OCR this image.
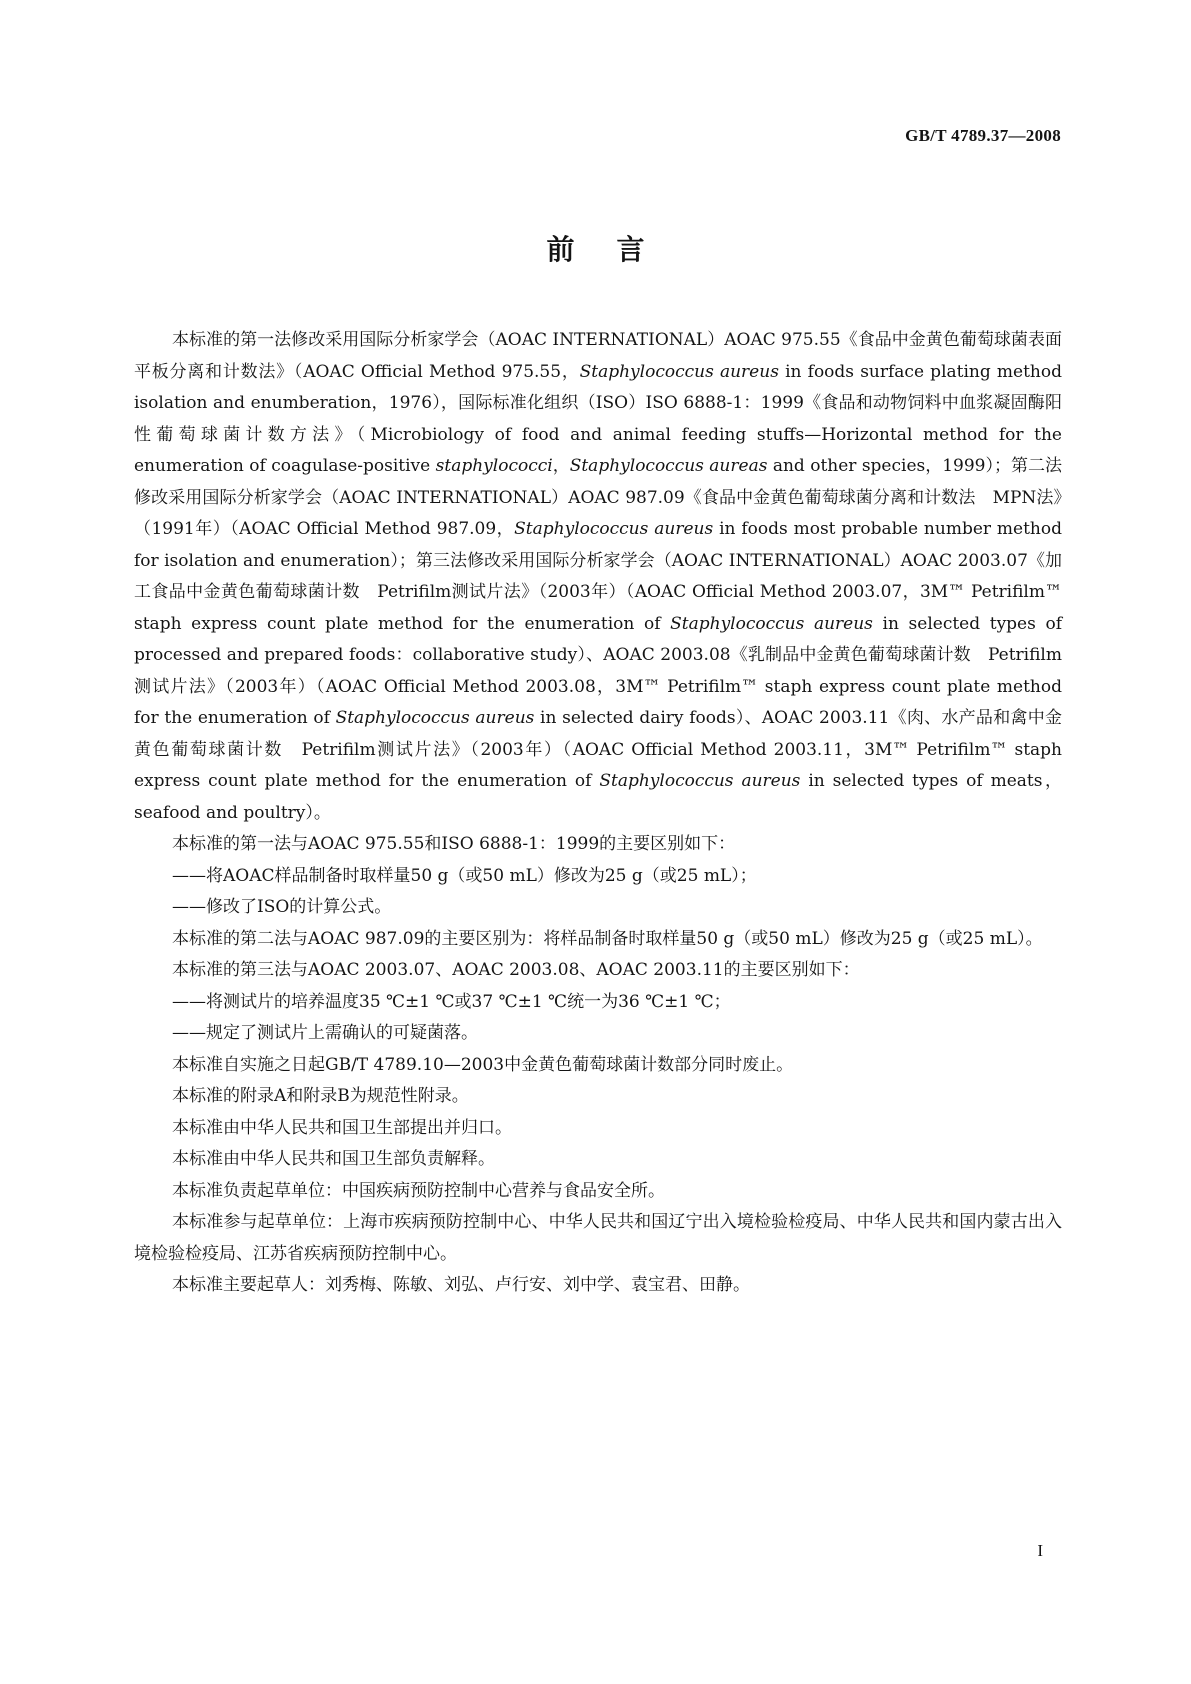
GB/T 4789.37—2008
前言

本标准的第一法修改采用国际分析家学会（AOAC INTERNATIONAL）AOAC 975.55《食品中金黄色葡萄球菌表面平板分离和计数法》（AOAC Official Method 975.55，Staphylococcus aureus in foods surface plating method isolation and enumberation，1976），国际标准化组织（ISO）ISO 6888-1：1999《食品和动物饲料中血浆凝固酶阳性葡萄球菌计数方法》（Microbiology of food and animal feeding stuffs—Horizontal method for the enumeration of coagulase-positive staphylococci，Staphylococcus aureas and other species，1999）；第二法修改采用国际分析家学会（AOAC INTERNATIONAL）AOAC 987.09《食品中金黄色葡萄球菌分离和计数法　MPN法》（1991年）（AOAC Official Method 987.09，Staphylococcus aureus in foods most probable number method for isolation and enumeration）；第三法修改采用国际分析家学会（AOAC INTERNATIONAL）AOAC 2003.07《加工食品中金黄色葡萄球菌计数　Petrifilm测试片法》（2003年）（AOAC Official Method 2003.07，3M™ Petrifilm™ staph express count plate method for the enumeration of Staphylococcus aureus in selected types of processed and prepared foods：collaborative study）、AOAC 2003.08《乳制品中金黄色葡萄球菌计数　Petrifilm测试片法》（2003年）（AOAC Official Method 2003.08，3M™ Petrifilm™ staph express count plate method for the enumeration of Staphylococcus aureus in selected dairy foods）、AOAC 2003.11《肉、水产品和禽中金黄色葡萄球菌计数　Petrifilm测试片法》（2003年）（AOAC Official Method 2003.11，3M™ Petrifilm™ staph express count plate method for the enumeration of Staphylococcus aureus in selected types of meats，seafood and poultry）。

本标准的第一法与AOAC 975.55和ISO 6888-1：1999的主要区别如下：

——将AOAC样品制备时取样量50 g（或50 mL）修改为25 g（或25 mL）；

——修改了ISO的计算公式。

本标准的第二法与AOAC 987.09的主要区别为：将样品制备时取样量50 g（或50 mL）修改为25 g（或25 mL）。

本标准的第三法与AOAC 2003.07、AOAC 2003.08、AOAC 2003.11的主要区别如下：

——将测试片的培养温度35 ℃±1 ℃或37 ℃±1 ℃统一为36 ℃±1 ℃；

——规定了测试片上需确认的可疑菌落。

本标准自实施之日起GB/T 4789.10—2003中金黄色葡萄球菌计数部分同时废止。

本标准的附录A和附录B为规范性附录。

本标准由中华人民共和国卫生部提出并归口。

本标准由中华人民共和国卫生部负责解释。

本标准负责起草单位：中国疾病预防控制中心营养与食品安全所。

本标准参与起草单位：上海市疾病预防控制中心、中华人民共和国辽宁出入境检验检疫局、中华人民共和国内蒙古出入境检验检疫局、江苏省疾病预防控制中心。

本标准主要起草人：刘秀梅、陈敏、刘弘、卢行安、刘中学、袁宝君、田静。

I
